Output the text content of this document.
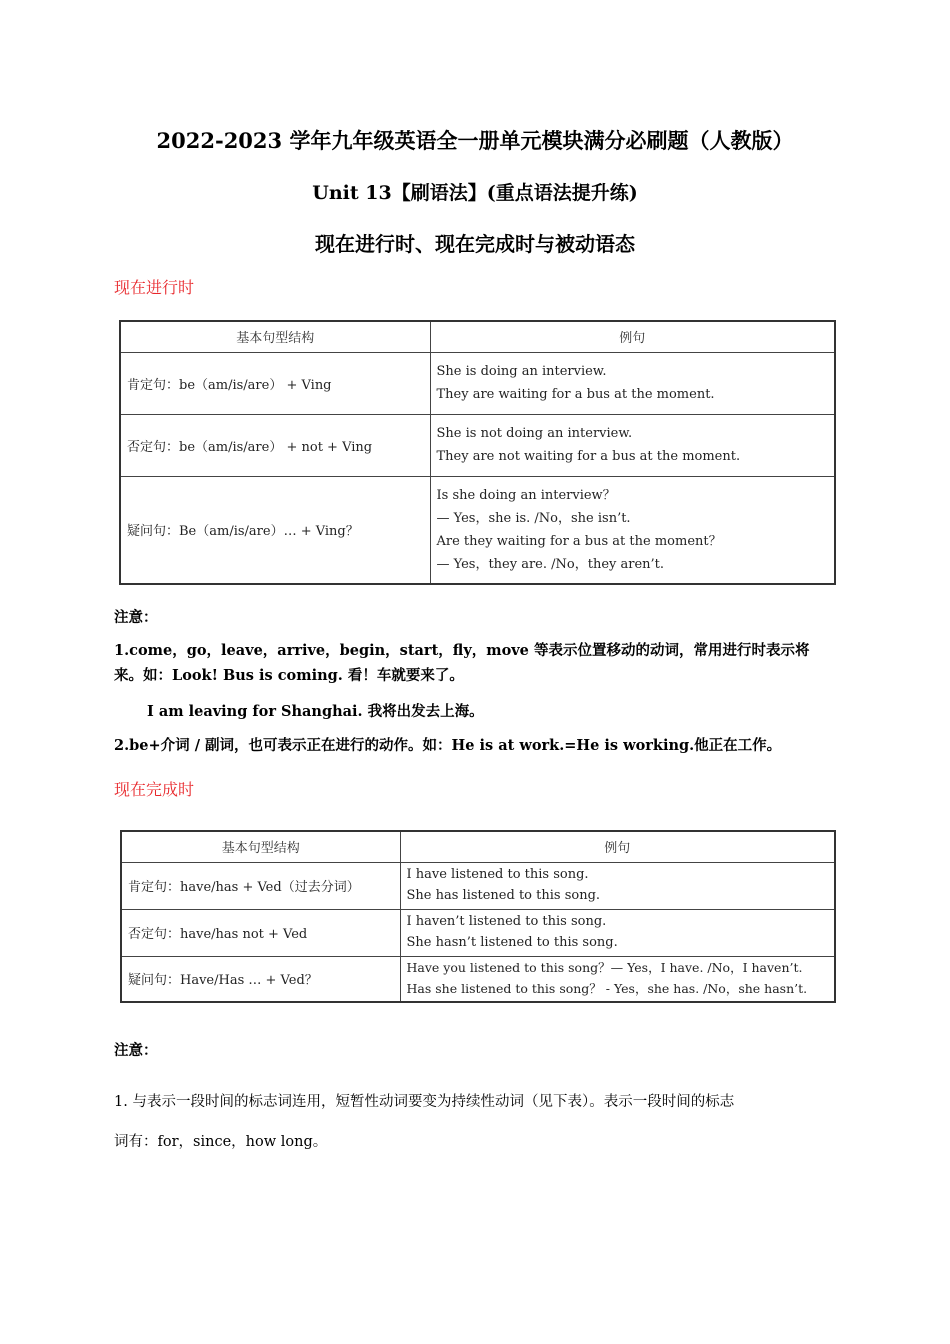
2022-2023 学年九年级英语全一册单元模块满分必刷题（人教版）
Unit 13【刷语法】(重点语法提升练)
现在进行时、现在完成时与被动语态
现在进行时
基本句型结构	例句
肯定句：be（am/is/are） + Ving	She is doing an interview.
They are waiting for a bus at the moment.

否定句：be（am/is/are） + not + Ving	She is not doing an interview.
They are not waiting for a bus at the moment.

疑问句：Be（am/is/are）… + Ving？	Is she doing an interview？
— Yes，she is. /No，she isn’t.
Are they waiting for a bus at the moment？
— Yes，they are. /No，they aren’t.
注意：
1.come，go，leave，arrive，begin，start，fly，move 等表示位置移动的动词，常用进行时表示将
来。如：Look! Bus is coming. 看！车就要来了。
I am leaving for Shanghai. 我将出发去上海。
2.be+介词 / 副词，也可表示正在进行的动作。如：He is at work.=He is working.他正在工作。
现在完成时
基本句型结构	例句
肯定句：have/has + Ved（过去分词）	I have listened to this song.
She has listened to this song.

否定句：have/has not + Ved	I haven’t listened to this song.
She hasn’t listened to this song.

疑问句：Have/Has … + Ved？	Have you listened to this song？— Yes，I have. /No，I haven’t.
Has she listened to this song？ - Yes，she has. /No，she hasn’t.
注意：
1. 与表示一段时间的标志词连用，短暂性动词要变为持续性动词（见下表）。表示一段时间的标志
词有：for，since，how long。
